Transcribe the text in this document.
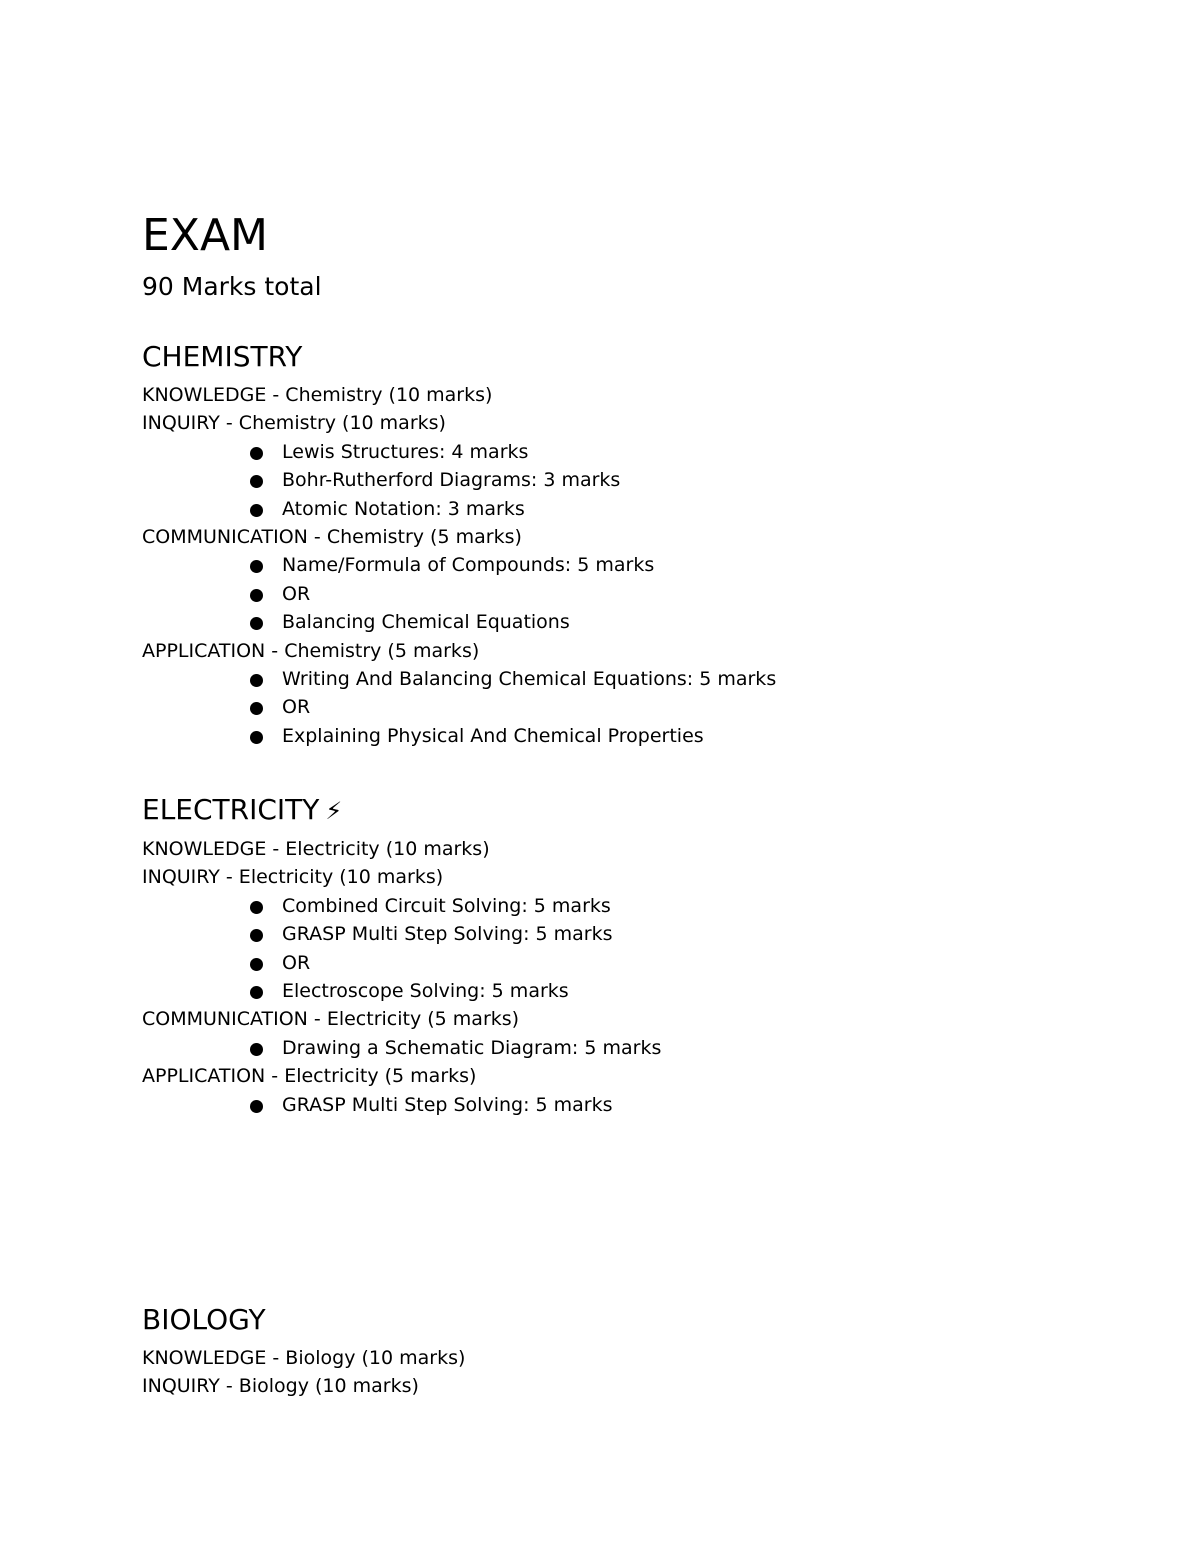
EXAM
90 Marks total
CHEMISTRY
KNOWLEDGE - Chemistry (10 marks)
INQUIRY - Chemistry (10 marks)
Lewis Structures: 4 marks
Bohr-Rutherford Diagrams: 3 marks
Atomic Notation: 3 marks
COMMUNICATION - Chemistry (5 marks)
Name/Formula of Compounds: 5 marks
OR
Balancing Chemical Equations
APPLICATION - Chemistry (5 marks)
Writing And Balancing Chemical Equations: 5 marks
OR
Explaining Physical And Chemical Properties
ELECTRICITY ⚡
KNOWLEDGE - Electricity (10 marks)
INQUIRY - Electricity (10 marks)
Combined Circuit Solving: 5 marks
GRASP Multi Step Solving: 5 marks
OR
Electroscope Solving: 5 marks
COMMUNICATION - Electricity (5 marks)
Drawing a Schematic Diagram: 5 marks
APPLICATION - Electricity (5 marks)
GRASP Multi Step Solving: 5 marks
BIOLOGY
KNOWLEDGE - Biology (10 marks)
INQUIRY - Biology (10 marks)
